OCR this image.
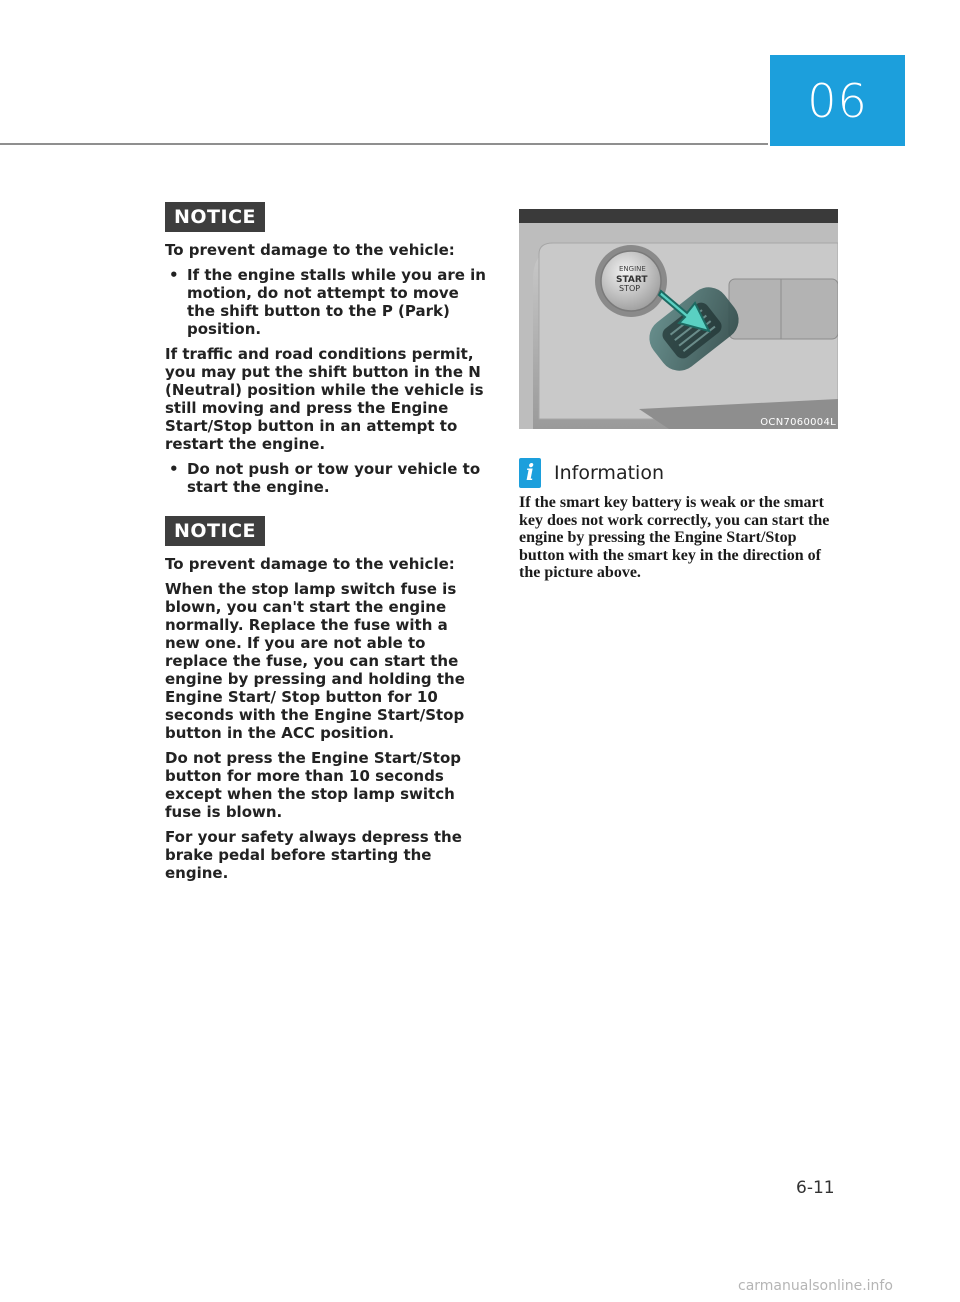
06
NOTICE

To prevent damage to the vehicle:

• If the engine stalls while you are in motion, do not attempt to move the shift button to the P (Park) position.

If traffic and road conditions permit, you may put the shift button in the N (Neutral) position while the vehicle is still moving and press the Engine Start/Stop button in an attempt to restart the engine.

• Do not push or tow your vehicle to start the engine.
NOTICE

To prevent damage to the vehicle:

When the stop lamp switch fuse is blown, you can't start the engine normally. Replace the fuse with a new one. If you are not able to replace the fuse, you can start the engine by pressing and holding the Engine Start/ Stop button for 10 seconds with the Engine Start/Stop button in the ACC position.

Do not press the Engine Start/Stop button for more than 10 seconds except when the stop lamp switch fuse is blown.

For your safety always depress the brake pedal before starting the engine.

ENGINE
START
STOP
OCN7060004L
i	Information
If the smart key battery is weak or the smart key does not work correctly, you can start the engine by pressing the Engine Start/Stop button with the smart key in the direction of the picture above.
6-11
carmanualsonline.info
